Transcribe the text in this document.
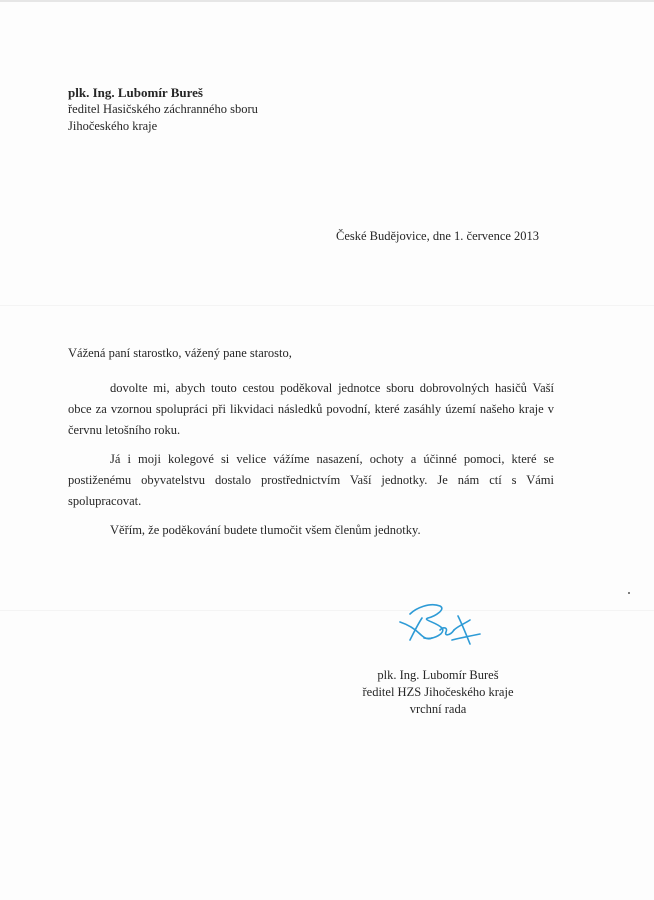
plk. Ing. Lubomír Bureš
ředitel Hasičského záchranného sboru
Jihočeského kraje
České Budějovice, dne 1. července 2013
Vážená paní starostko, vážený pane starosto,

dovolte mi, abych touto cestou poděkoval jednotce sboru dobrovolných hasičů Vaší obce za vzornou spolupráci při likvidaci následků povodní, které zasáhly území našeho kraje v červnu letošního roku.

Já i moji kolegové si velice vážíme nasazení, ochoty a účinné pomoci, které se postiženému obyvatelstvu dostalo prostřednictvím Vaší jednotky. Je nám ctí s Vámi spolupracovat.

Věřím, že poděkování budete tlumočit všem členům jednotky.

plk. Ing. Lubomír Bureš
ředitel HZS Jihočeského kraje
vrchní rada
